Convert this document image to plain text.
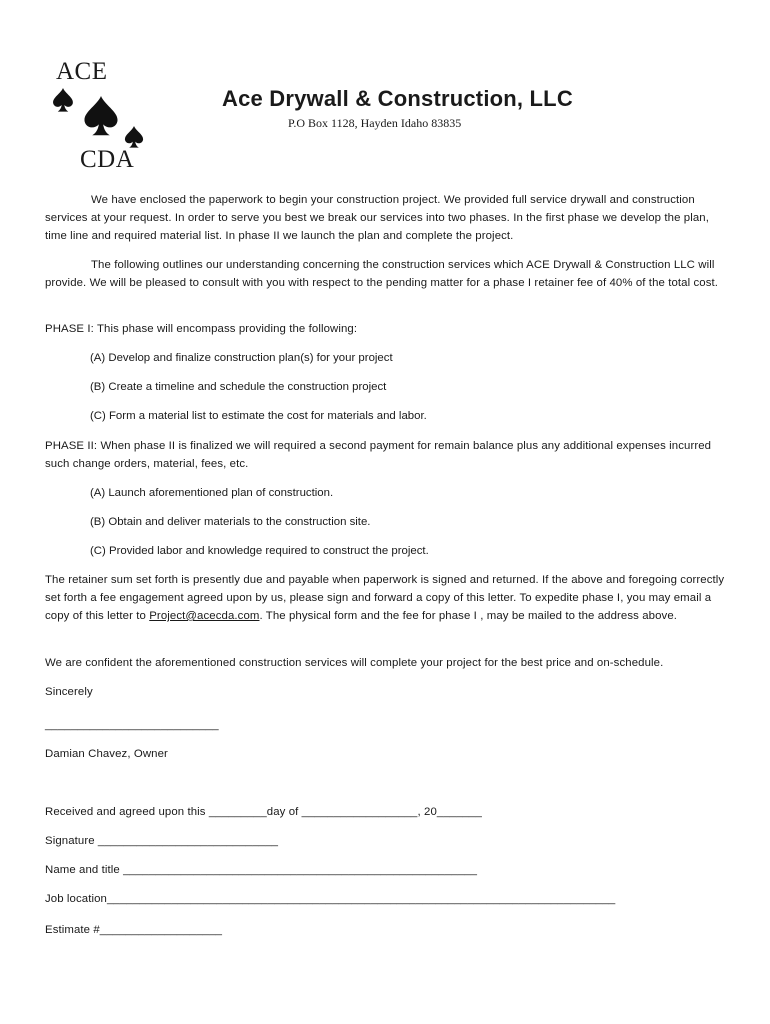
ACE
CDA
Ace Drywall & Construction, LLC
P.O Box 1128, Hayden Idaho 83835
We have enclosed the paperwork to begin your construction project. We provided full service drywall and construction services at your request. In order to serve you best we break our services into two phases. In the first phase we develop the plan, time line and required material list. In phase II we launch the plan and complete the project.
The following outlines our understanding concerning the construction services which ACE Drywall & Construction LLC will provide. We will be pleased to consult with you with respect to the pending matter for a phase I retainer fee of 40% of the total cost.
PHASE I: This phase will encompass providing the following:
(A) Develop and finalize construction plan(s) for your project
(B) Create a timeline and schedule the construction project
(C) Form a material list to estimate the cost for materials and labor.
PHASE II: When phase II is finalized we will required a second payment for remain balance plus any additional expenses incurred such change orders, material, fees, etc.
(A) Launch aforementioned plan of construction.
(B) Obtain and deliver materials to the construction site.
(C) Provided labor and knowledge required to construct the project.
The retainer sum set forth is presently due and payable when paperwork is signed and returned. If the above and foregoing correctly set forth a fee engagement agreed upon by us, please sign and forward a copy of this letter. To expedite phase I, you may email a copy of this letter to Project@acecda.com. The physical form and the fee for phase I , may be mailed to the address above.
We are confident the aforementioned construction services will complete your project for the best price and on-schedule.
Sincerely
___________________________
Damian Chavez, Owner
Received and agreed upon this _________day of __________________, 20_______
Signature ____________________________
Name and title _______________________________________________________
Job location_______________________________________________________________________________
Estimate #___________________
